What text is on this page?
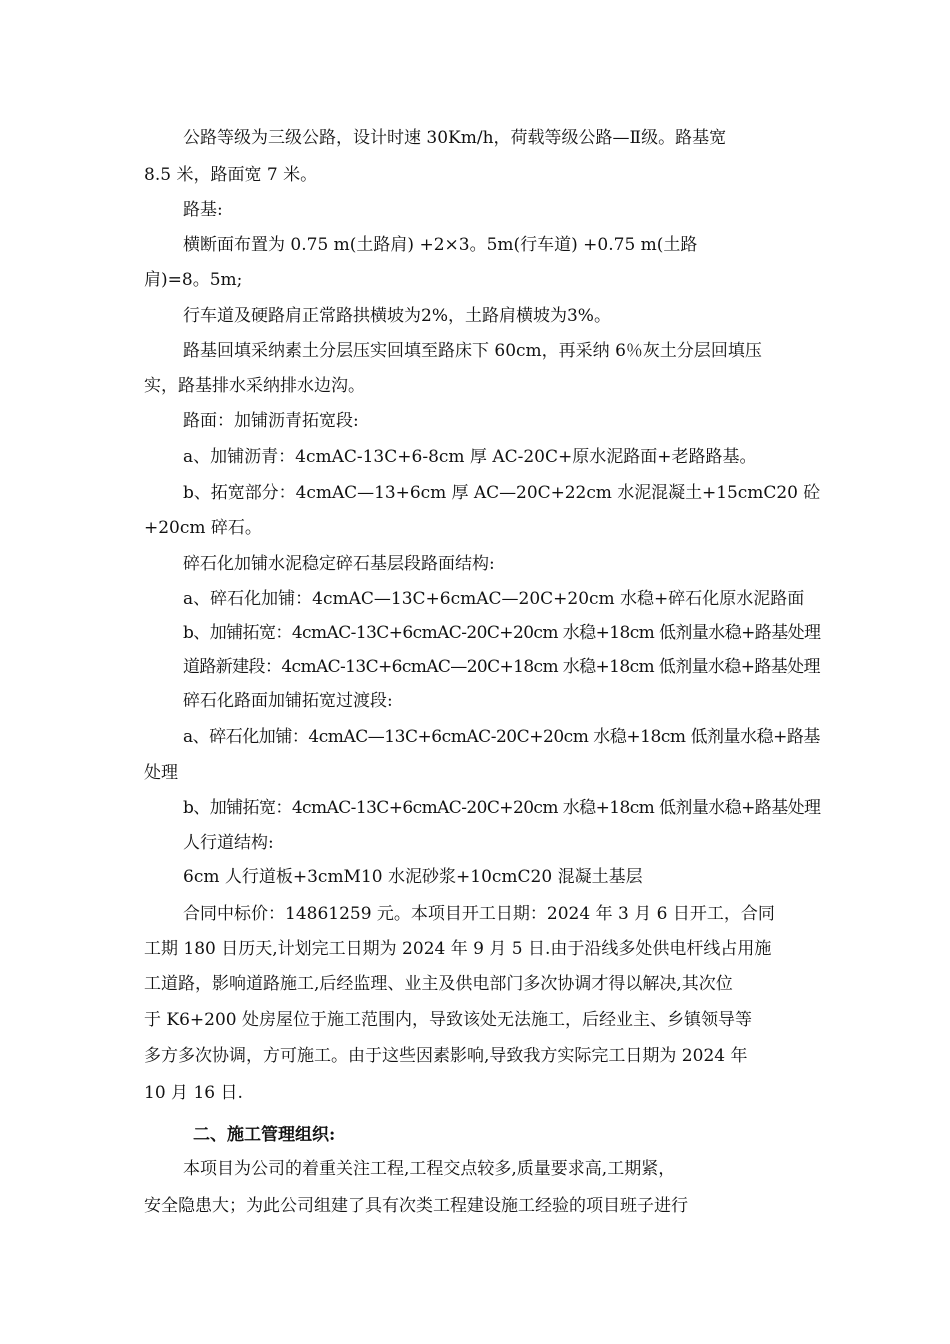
公路等级为三级公路，设计时速 30Km/h，荷载等级公路—Ⅱ级。路基宽
8.5 米，路面宽 7 米。
路基:
横断面布置为 0.75 m(土路肩) +2×3。5m(行车道) +0.75 m(土路
肩)=8。5m;
行车道及硬路肩正常路拱横坡为2%，土路肩横坡为3%。
路基回填采纳素土分层压实回填至路床下 60cm，再采纳 6％灰土分层回填压
实，路基排水采纳排水边沟。
路面：加铺沥青拓宽段:
a、加铺沥青：4cmAC-13C+6-8cm 厚 AC-20C+原水泥路面+老路路基。
b、拓宽部分：4cmAC—13+6cm 厚 AC—20C+22cm 水泥混凝土+15cmC20 砼
+20cm 碎石。
碎石化加铺水泥稳定碎石基层段路面结构:
a、碎石化加铺：4cmAC—13C+6cmAC—20C+20cm 水稳+碎石化原水泥路面
b、加铺拓宽：4cmAC-13C+6cmAC-20C+20cm 水稳+18cm 低剂量水稳+路基处理
道路新建段：4cmAC-13C+6cmAC—20C+18cm 水稳+18cm 低剂量水稳+路基处理
碎石化路面加铺拓宽过渡段:
a、碎石化加铺：4cmAC—13C+6cmAC-20C+20cm 水稳+18cm 低剂量水稳+路基
处理
b、加铺拓宽：4cmAC-13C+6cmAC-20C+20cm 水稳+18cm 低剂量水稳+路基处理
人行道结构:
6cm 人行道板+3cmM10 水泥砂浆+10cmC20 混凝土基层
合同中标价：14861259 元。本项目开工日期：2024 年 3 月 6 日开工，合同
工期 180 日历天,计划完工日期为 2024 年 9 月 5 日.由于沿线多处供电杆线占用施
工道路，影响道路施工,后经监理、业主及供电部门多次协调才得以解决,其次位
于 K6+200 处房屋位于施工范围内，导致该处无法施工，后经业主、乡镇领导等
多方多次协调，方可施工。由于这些因素影响,导致我方实际完工日期为 2024 年
10 月 16 日.
二、施工管理组织:
本项目为公司的着重关注工程,工程交点较多,质量要求高,工期紧，
安全隐患大；为此公司组建了具有次类工程建设施工经验的项目班子进行
